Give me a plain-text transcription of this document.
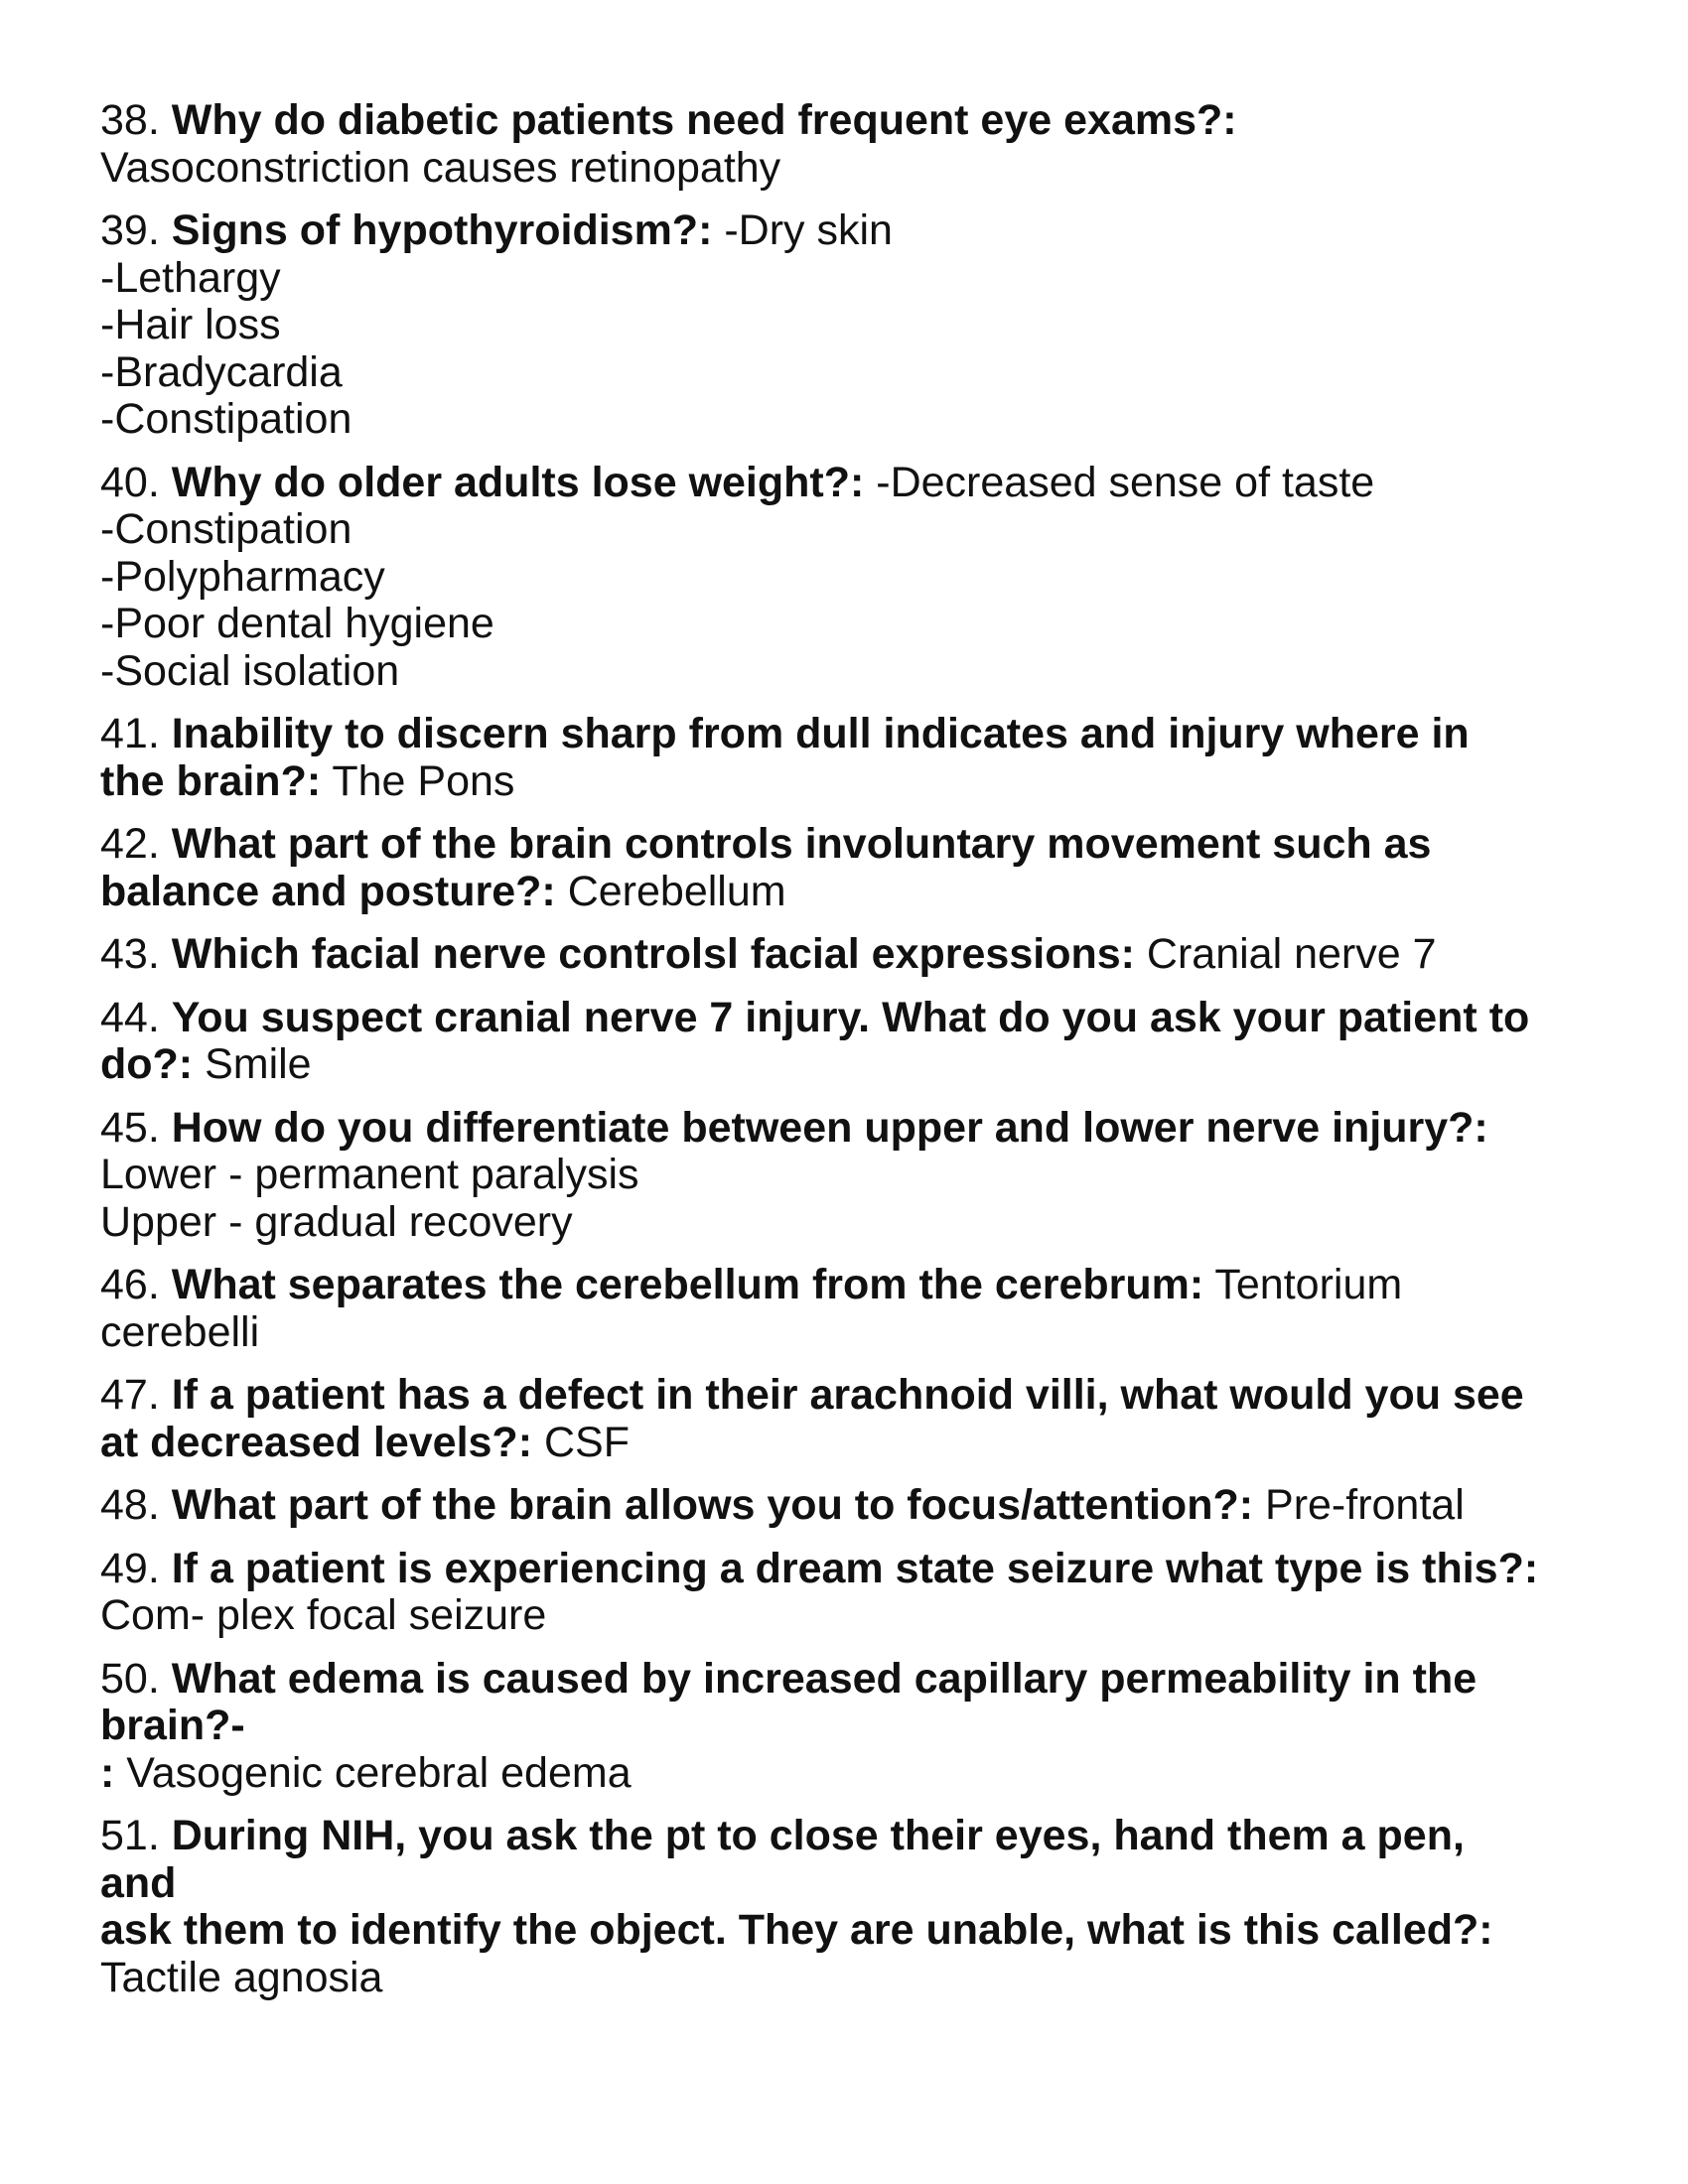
38. Why do diabetic patients need frequent eye exams?:
Vasoconstriction causes retinopathy
39. Signs of hypothyroidism?: -Dry skin
-Lethargy
-Hair loss
-Bradycardia
-Constipation
40. Why do older adults lose weight?: -Decreased sense of taste
-Constipation
-Polypharmacy
-Poor dental hygiene
-Social isolation
41. Inability to discern sharp from dull indicates and injury where in
the brain?: The Pons
42. What part of the brain controls involuntary movement such as
balance and posture?: Cerebellum
43. Which facial nerve controlsl facial expressions: Cranial nerve 7
44. You suspect cranial nerve 7 injury. What do you ask your patient to
do?: Smile
45. How do you differentiate between upper and lower nerve injury?:
Lower - permanent paralysis
Upper - gradual recovery
46. What separates the cerebellum from the cerebrum: Tentorium
cerebelli
47. If a patient has a defect in their arachnoid villi, what would you see
at decreased levels?: CSF
48. What part of the brain allows you to focus/attention?: Pre-frontal
49. If a patient is experiencing a dream state seizure what type is this?:
Com- plex focal seizure
50. What edema is caused by increased capillary permeability in the
brain?-
: Vasogenic cerebral edema
51. During NIH, you ask the pt to close their eyes, hand them a pen,
and
ask them to identify the object. They are unable, what is this called?:
Tactile agnosia
